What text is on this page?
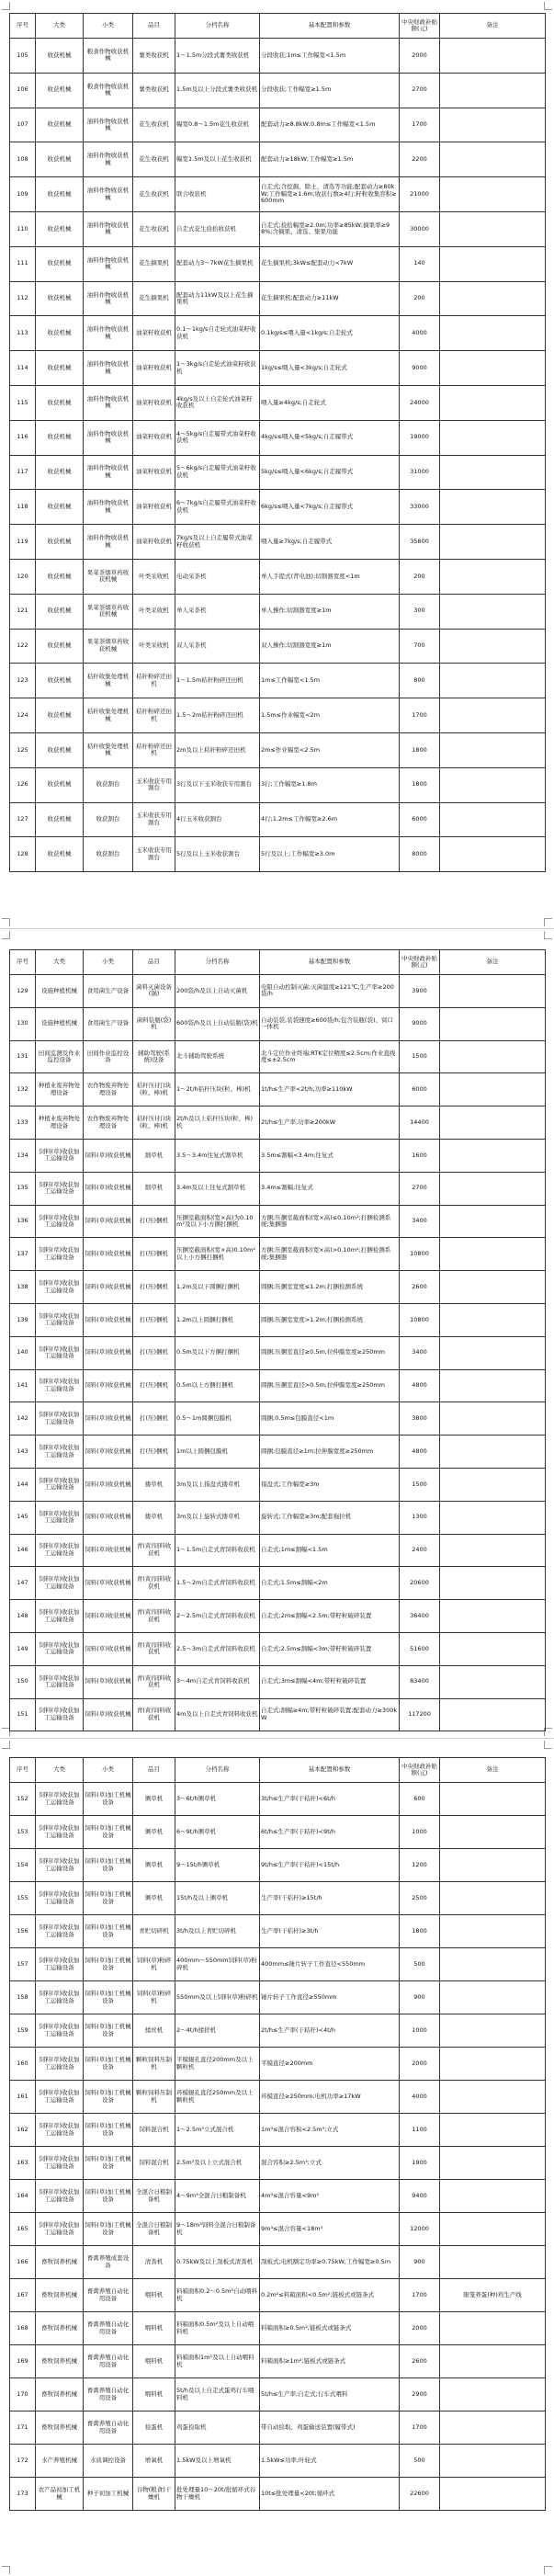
序号	大类	小类	品目	分档名称	基本配置和参数	中央财政补贴额(元)	备注
105	收获机械	粮食作物收获机械	薯类收获机	1～1.5m分段式薯类收获机	分段收获;1m≤工作幅宽<1.5m	2000	
106	收获机械	粮食作物收获机械	薯类收获机	1.5m及以上分段式薯类收获机	分段收获;工作幅宽≥1.5m	2700	
107	收获机械	油料作物收获机械	花生收获机	幅宽0.8～1.5m花生收获机	配套动力≥8.8kW;0.8m≤工作幅宽<1.5m	1700	
108	收获机械	油料作物收获机械	花生收获机	幅宽1.5m及以上花生收获机	配套动力≥18kW;工作幅宽≥1.5m	2200	
109	收获机械	油料作物收获机械	花生收获机	联合收获机	自走式;含挖掘、除土、清选等功能;配套动力≥80kW;工作幅宽≥1.6m;收获行数≥4行;籽粒收集容积≥600mm	21000	
110	收获机械	油料作物收获机械	花生收获机	自走式花生捡拾收获机	自走式;捡拾幅宽≥2.0m;功率≥85kW;摘果率≥98%;含摘果、清选、集果功能	30000	
111	收获机械	油料作物收获机械	花生摘果机	配套动力3～7kW花生摘果机	花生摘果机;3kW≤配套动力<7kW	140	
112	收获机械	油料作物收获机械	花生摘果机	配套动力11kW及以上花生摘果机	花生摘果机;配套动力≥11kW	200	
113	收获机械	油料作物收获机械	油菜籽收获机	0.1～1kg/s自走轮式油菜籽收获机	0.1kg/s≤喂入量<1kg/s;自走轮式	4000	
114	收获机械	油料作物收获机械	油菜籽收获机	1～3kg/s自走轮式油菜籽收获机	1kg/s≤喂入量<3kg/s;自走轮式	9000	
115	收获机械	油料作物收获机械	油菜籽收获机	4kg/s及以上自走轮式油菜籽收获机	喂入量≥4kg/s;自走轮式	24000	
116	收获机械	油料作物收获机械	油菜籽收获机	4～5kg/s自走履带式油菜籽收获机	4kg/s≤喂入量<5kg/s;自走履带式	19000	
117	收获机械	油料作物收获机械	油菜籽收获机	5～6kg/s自走履带式油菜籽收获机	5kg/s≤喂入量<6kg/s;自走履带式	31000	
118	收获机械	油料作物收获机械	油菜籽收获机	6～7kg/s自走履带式油菜籽收获机	6kg/s≤喂入量<7kg/s;自走履带式	33000	
119	收获机械	油料作物收获机械	油菜籽收获机	7kg/s及以上自走履带式油菜籽收获机	喂入量≥7kg/s;自走履带式	35800	
120	收获机械	果菜茶烟草药收获机械	叶类采收机	电动采茶机	单人手提式(背电池);切割器宽度<1m	200	
121	收获机械	果菜茶烟草药收获机械	叶类采收机	单人采茶机	单人操作;切割器宽度≥1m	300	
122	收获机械	果菜茶烟草药收获机械	叶类采收机	双人采茶机	双人操作;切割器宽度≥1m	700	
123	收获机械	秸秆收集处理机械	秸秆粉碎还田机	1～1.5m秸秆粉碎还田机	1m≤工作幅宽<1.5m	800	
124	收获机械	秸秆收集处理机械	秸秆粉碎还田机	1.5～2m秸秆粉碎还田机	1.5m≤作业幅宽<2m	1700	
125	收获机械	秸秆收集处理机械	秸秆粉碎还田机	2m及以上秸秆粉碎还田机	2m≤作业幅宽<2.5m	1800	
126	收获机械	收获割台	玉米收获专用割台	3行及以下玉米收获专用割台	3行;工作幅宽≥1.8m	1800	
127	收获机械	收获割台	玉米收获专用割台	4行玉米收获割台	4行;1.2m≤工作幅宽≥2.6m	6000	
128	收获机械	收获割台	玉米收获专用割台	5行及以上玉米收获割台	5行及以上;工作幅宽≥3.0m	8000	
序号	大类	小类	品目	分档名称	基本配置和参数	中央财政补贴额(元)	备注
129	设施种植机械	食用菌生产设备	菌料灭菌设备(锅)	200袋/h及以上自动灭菌机	电阻自动控制灭菌;灭菌温度≥121℃;生产率≥200袋/h	3900	
130	设施种植机械	食用菌生产设备	菌料装瓶(袋)机	600袋/h及以上自动装瓶(袋)机	自动装袋,装袋速度≥600袋/h;包含装瓶(袋)、窝口一体机	9000	
131	田间监测及作业监控设备	田间作业监控设备	辅助驾驶(系统)设备	北斗辅助驾驶系统	北斗定位作业终端;RTK定位精度≤2.5cm;作业直线度≤±2.5cm	1500	
132	种植业废弃物处理设备	农作物废弃物处理设备	秸秆压(打)块(粒、棒)机	1～2t/h秸秆压块(粒、棒)机	1t/h≤生产率<2t/h;功率≥110kW	6000	
133	种植业废弃物处理设备	农作物废弃物处理设备	秸秆压(打)块(粒、棒)机	2t/h及以上秸秆压块(粒、棒)机	2t/h≤生产率;功率≥200kW	14400	
134	饲料(草)收获加工运输设备	饲料(草)收获机械	割草机	3.5～3.4m往复式割草机	3.5m≤割幅<3.4m;往复式	1600	
135	饲料(草)收获加工运输设备	饲料(草)收获机械	割草机	3.4m及以上往复式割草机	3.4m≤割幅;往复式	2700	
136	饲料(草)收获加工运输设备	饲料(草)收获机械	打(压)捆机	压捆室截面积(宽×高)为0.10m²及以下小方捆打捆机	方捆;压捆室截面积(宽×高)≤0.10m²;打捆检测系统;集捆器	3400	
137	饲料(草)收获加工运输设备	饲料(草)收获机械	打(压)捆机	压捆室截面积(宽×高)0.10m²以上小方捆打捆机	方捆;压捆室截面积(宽×高)>0.10m²;打捆检测系统;集捆器	10800	
138	饲料(草)收获加工运输设备	饲料(草)收获机械	打(压)捆机	1.2m及以下圆捆打捆机	圆捆;压捆室宽度≤1.2m;打捆检测系统	2600	
139	饲料(草)收获加工运输设备	饲料(草)收获机械	打(压)捆机	1.2m以上圆捆打捆机	圆捆;压捆室宽度>1.2m;打捆检测系统	10800	
140	饲料(草)收获加工运输设备	饲料(草)收获机械	打(压)捆机	0.5m及以下方捆打捆机	圆捆;压捆室直径≥0.5m;拉伸膜宽度≥250mm	3400	
141	饲料(草)收获加工运输设备	饲料(草)收获机械	打(压)捆机	0.5m以上方捆打捆机	圆捆;压捆室直径>0.5m;拉伸膜宽度≥250mm	4800	
142	饲料(草)收获加工运输设备	饲料(草)收获机械	打(压)捆机	0.5～1m圆捆包膜机	圆捆;0.5m≤包膜直径<1m	3800	
143	饲料(草)收获加工运输设备	饲料(草)收获机械	打(压)捆机	1m以上圆捆包膜机	圆捆;包膜直径≥1m;拉伸膜宽度≥250mm	4800	
144	饲料(草)收获加工运输设备	饲料(草)收获机械	搂草机	3m及以上指盘式搂草机	指盘式;工作幅宽≥3m	1500	
145	饲料(草)收获加工运输设备	饲料(草)收获机械	搂草机	3m及以上旋转式搂草机	旋转式;工作幅宽≥3m;配套拖拉机	1300	
146	饲料(草)收获加工运输设备	饲料(草)收获机械	青(黄)饲料收获机	1～1.5m自走式青饲料收获机	自走式;1m≤割幅<1.5m	2400	
147	饲料(草)收获加工运输设备	饲料(草)收获机械	青(黄)饲料收获机	1.5～2m自走式青饲料收获机	自走式;1.5m≤割幅<2m	20600	
148	饲料(草)收获加工运输设备	饲料(草)收获机械	青(黄)饲料收获机	2～2.5m自走式青饲料收获机	自走式;2m≤割幅<2.5m;带籽粒破碎装置	36400	
149	饲料(草)收获加工运输设备	饲料(草)收获机械	青(黄)饲料收获机	2.5～3m自走式青饲料收获机	自走式;2.5m≤割幅<3m;带籽粒破碎装置	51600	
150	饲料(草)收获加工运输设备	饲料(草)收获机械	青(黄)饲料收获机	3～4m自走式青饲料收获机	自走式;3m≤割幅<4m;带籽粒破碎装置	83400	
151	饲料(草)收获加工运输设备	饲料(草)收获机械	青(黄)饲料收获机	4m及以上自走式青饲料收获机	自走式;割幅≥4m;带籽粒破碎装置;配套动力≥300kW	117200	
序号	大类	小类	品目	分档名称	基本配置和参数	中央财政补贴额(元)	备注
152	饲料(草)收获加工运输设备	饲料(草)加工机械设备	铡草机	3～6t/h铡草机	3t/h≤生产率(干秸秆)<6t/h	600	
153	饲料(草)收获加工运输设备	饲料(草)加工机械设备	铡草机	6～9t/h铡草机	6t/h≤生产率(干秸秆)<9t/h	1000	
154	饲料(草)收获加工运输设备	饲料(草)加工机械设备	铡草机	9～15t/h铡草机	9t/h≤生产率(干秸秆)<15t/h	1200	
155	饲料(草)收获加工运输设备	饲料(草)加工机械设备	铡草机	15t/h及以上铡草机	生产率(干秸秆)≥15t/h	2500	
156	饲料(草)收获加工运输设备	饲料(草)加工机械设备	青贮切碎机	3t/h及以上青贮切碎机	生产率(干秸秆)≥3t/h	1800	
157	饲料(草)收获加工运输设备	饲料(草)加工机械设备	饲料(草)粉碎机	400mm～550mm饲料(草)粉碎机	400mm≤锤片转子工作直径<550mm	500	
158	饲料(草)收获加工运输设备	饲料(草)加工机械设备	饲料(草)粉碎机	550mm及以上饲料(草)粉碎机	锤片转子工作直径≥550mm	900	
159	饲料(草)收获加工运输设备	饲料(草)加工机械设备	揉丝机	2～4t/h揉搓机	2t/h≤生产率(干秸秆)<4t/h	1000	
160	饲料(草)收获加工运输设备	饲料(草)加工机械设备	颗粒饲料压制机	平模辊孔直径200mm及以上颗粒机	平模直径≥200mm	2000	
161	饲料(草)收获加工运输设备	饲料(草)加工机械设备	颗粒饲料压制机	环模辊孔直径250mm及以上颗粒机	环模直径≥250mm;电机功率≥17kW	4000	
162	饲料(草)收获加工运输设备	饲料(草)加工机械设备	饲料混合机	1～2.5m³立式混合机	1m³≤混合容积<2.5m³;立式	1100	
163	饲料(草)收获加工运输设备	饲料(草)加工机械设备	饲料混合机	2.5m³及以上立式混合机	混合容积≥2.5m³;立式	1900	
164	饲料(草)收获加工运输设备	饲料(草)加工机械设备	全混合日粮制备机	4～9m³全混合日粮制备机	4m³≤混合容量<9m³	9400	
165	饲料(草)收获加工运输设备	饲料(草)加工机械设备	全混合日粮制备机	9～18m³饲料全混合日粮制备机	9m³≤混合容量<18m³	12000	
166	畜牧饲养机械	畜禽养殖成套设备	清粪机	0.75kW及以上刮板式清粪机	刮板式;电机额定功率≥0.75kW;工作幅宽≥0.5m	900	
167	畜牧饲养机械	畜禽养殖自动化用设备	喂料机	料箱面积0.2～0.5m²自动喂料机	0.2m²≤料箱面积<0.5m²;链板式或链条式	1700	限笼养蛋(种)鸡生产线
168	畜牧饲养机械	畜禽养殖自动化用设备	喂料机	料箱面积0.5m²及以上自动喂料机	料箱面积≥0.5m²;链板式或链条式	2000	
169	畜牧饲养机械	畜禽养殖自动化用设备	喂料机	料箱面积1m²及以上自动喂料机	料箱面积≥1m²;链板式或链条式	2600	
170	畜牧饲养机械	畜禽养殖自动化用设备	喂料机	5t/h及以上自走式蛋鸡行车喂料机	5t/h≤生产率;自走式;行车式喂料	2900	
171	畜牧饲养机械	畜禽养殖自动化用设备	捡蛋机	鸡蛋捡取机	带自动捡取、鸡蛋输送装置(履带式)	1700	
172	水产养殖机械	水质调控设备	增氧机	1.5kW及以上增氧机	1.5kW≤功率;叶轮式	500	
173	农产品初加工机械	种子初加工机械	谷物(粮食)干燥机	批处理量10～20t/批循环式谷物干燥机	10t≤批处理量<20t;循环式	22600	
